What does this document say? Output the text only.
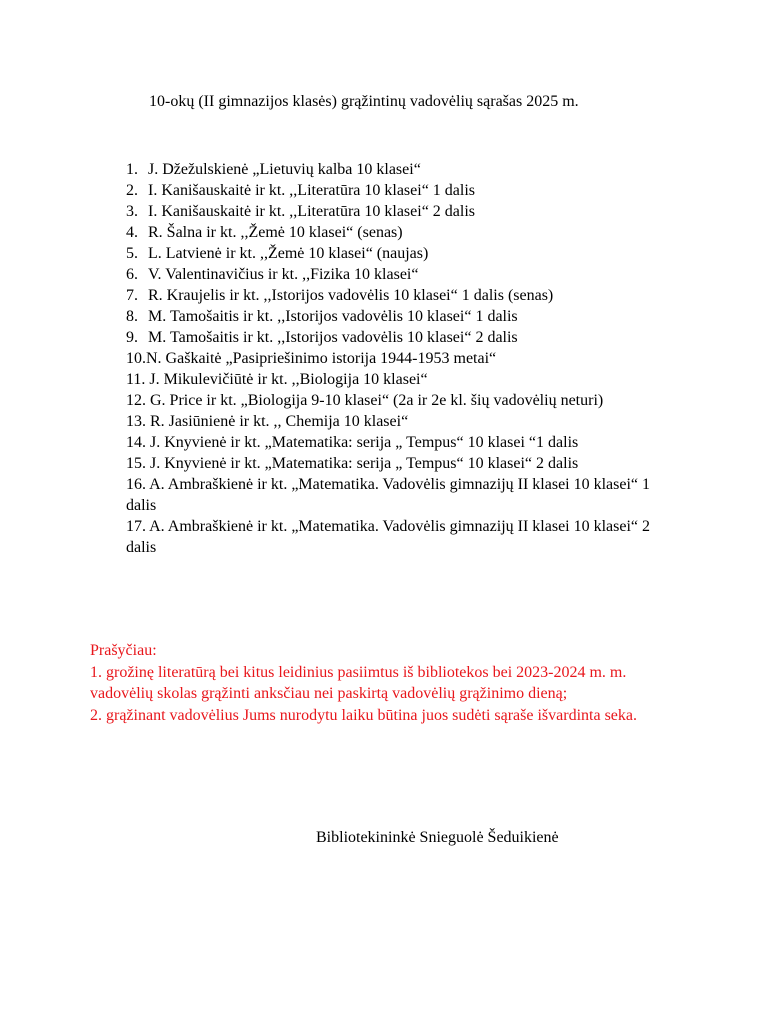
10-okų (II gimnazijos klasės) grąžintinų vadovėlių sąrašas 2025 m.
1. J. Džežulskienė „Lietuvių kalba 10 klasei“
2. I. Kanišauskaitė ir kt. ,,Literatūra 10 klasei“ 1 dalis
3. I. Kanišauskaitė ir kt. ,,Literatūra 10 klasei“ 2 dalis
4. R. Šalna ir kt. ,,Žemė 10 klasei“ (senas)
5. L. Latvienė ir kt. ,,Žemė 10 klasei“ (naujas)
6. V. Valentinavičius ir kt. ,,Fizika 10 klasei“
7. R. Kraujelis ir kt. ,,Istorijos vadovėlis 10 klasei“ 1 dalis (senas)
8. M. Tamošaitis ir kt. ,,Istorijos vadovėlis 10 klasei“ 1 dalis
9. M. Tamošaitis ir kt. ,,Istorijos vadovėlis 10 klasei“ 2 dalis
10. N. Gaškaitė „Pasipriešinimo istorija 1944-1953 metai“
11.
J. Mikulevičiūtė ir kt. ,,Biologija 10 klasei“
12.
G. Price ir kt. „Biologija 9-10 klasei“ (2a ir 2e kl. šių vadovėlių neturi)
13.
R. Jasiūnienė ir kt. ,, Chemija 10 klasei“
14.
J. Knyvienė ir kt. „Matematika: serija „ Tempus“ 10 klasei “1 dalis
15.
J. Knyvienė ir kt. „Matematika: serija „ Tempus“ 10 klasei“ 2 dalis
16. A. Ambraškienė ir kt. „Matematika. Vadovėlis gimnazijų II klasei 10 klasei“ 1 dalis
17. A. Ambraškienė ir kt. „Matematika. Vadovėlis gimnazijų II klasei 10 klasei“ 2 dalis

Prašyčiau:

1. grožinę literatūrą bei kitus leidinius pasiimtus iš bibliotekos bei 2023-2024 m. m. vadovėlių skolas grąžinti anksčiau nei paskirtą vadovėlių grąžinimo dieną;

2. grąžinant vadovėlius Jums nurodytu laiku būtina juos sudėti sąraše išvardinta seka.

Bibliotekininkė Snieguolė Šeduikienė
